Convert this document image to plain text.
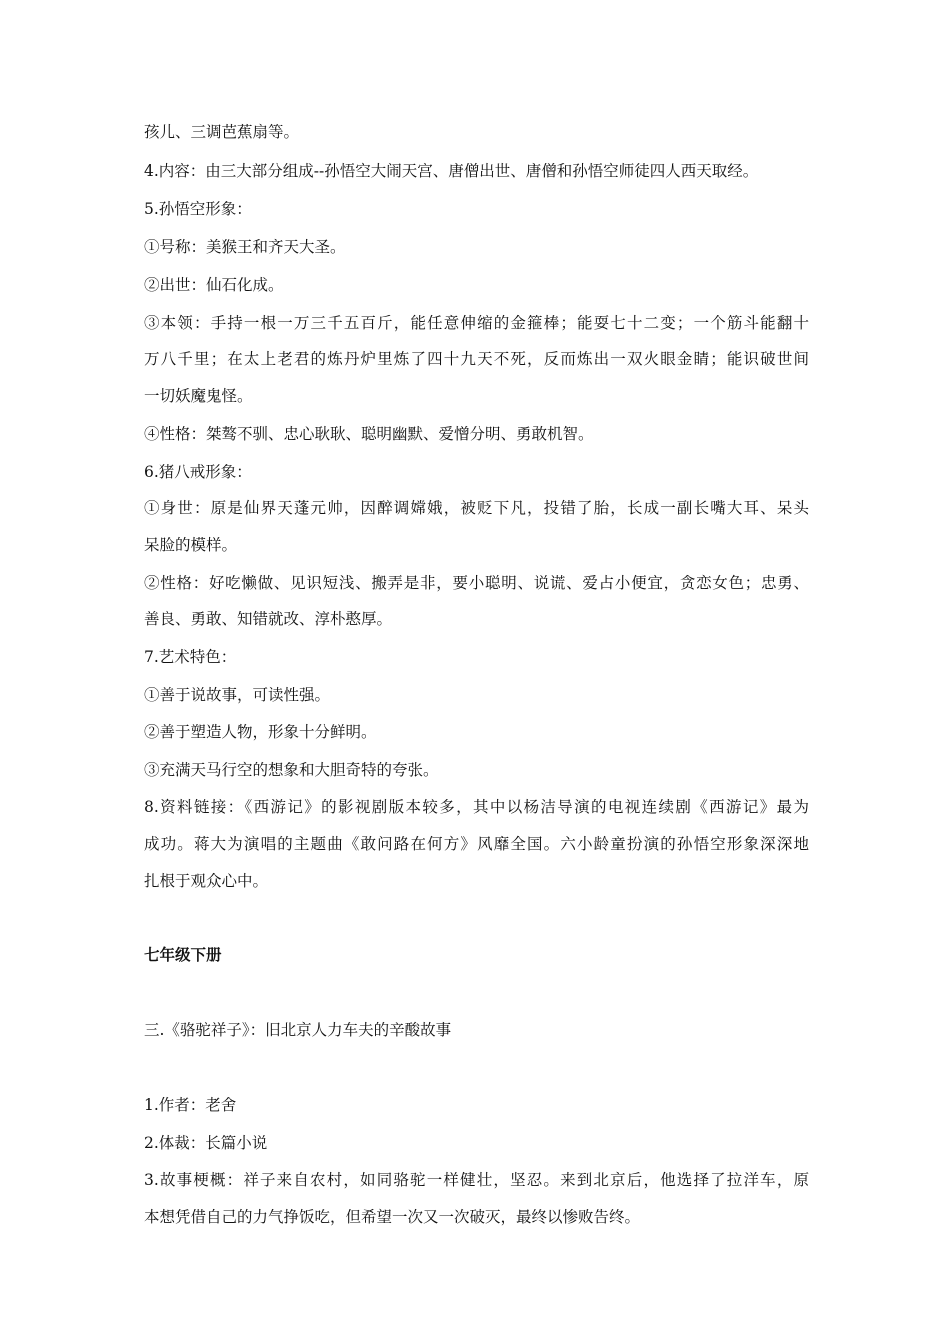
孩儿、三调芭蕉扇等。
4.内容：由三大部分组成--孙悟空大闹天宫、唐僧出世、唐僧和孙悟空师徒四人西天取经。
5.孙悟空形象：
①号称：美猴王和齐天大圣。
②出世：仙石化成。
③本领：手持一根一万三千五百斤，能任意伸缩的金箍棒；能耍七十二变；一个筋斗能翻十
万八千里；在太上老君的炼丹炉里炼了四十九天不死，反而炼出一双火眼金睛；能识破世间
一切妖魔鬼怪。
④性格：桀骜不驯、忠心耿耿、聪明幽默、爱憎分明、勇敢机智。
6.猪八戒形象：
①身世：原是仙界天蓬元帅，因醉调嫦娥，被贬下凡，投错了胎，长成一副长嘴大耳、呆头
呆脸的模样。
②性格：好吃懒做、见识短浅、搬弄是非，要小聪明、说谎、爱占小便宜，贪恋女色；忠勇、
善良、勇敢、知错就改、淳朴憨厚。
7.艺术特色：
①善于说故事，可读性强。
②善于塑造人物，形象十分鲜明。
③充满天马行空的想象和大胆奇特的夸张。
8.资料链接：《西游记》的影视剧版本较多，其中以杨洁导演的电视连续剧《西游记》最为
成功。蒋大为演唱的主题曲《敢问路在何方》风靡全国。六小龄童扮演的孙悟空形象深深地
扎根于观众心中。
七年级下册
三.《骆驼祥子》：旧北京人力车夫的辛酸故事
1.作者：老舍
2.体裁：长篇小说
3.故事梗概：祥子来自农村，如同骆驼一样健壮，坚忍。来到北京后，他选择了拉洋车，原
本想凭借自己的力气挣饭吃，但希望一次又一次破灭，最终以惨败告终。
